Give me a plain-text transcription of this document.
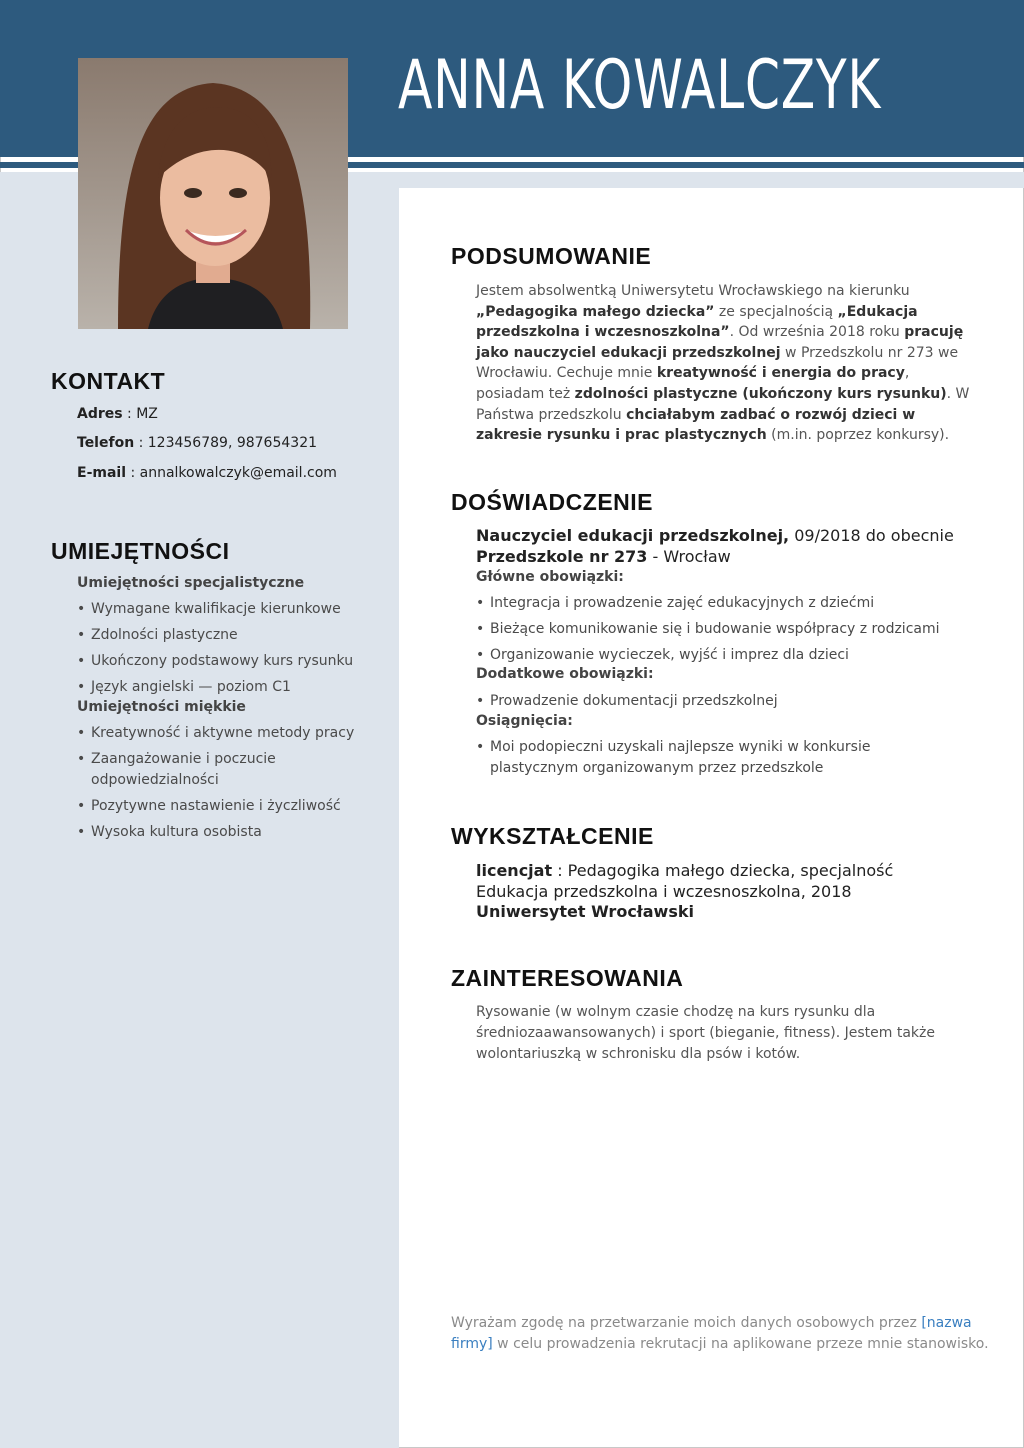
ANNA KOWALCZYK
KONTAKT
Adres : MZ
Telefon : 123456789, 987654321
E-mail : annalkowalczyk@email.com
UMIEJĘTNOŚCI
Umiejętności specjalistyczne
• Wymagane kwalifikacje kierunkowe
• Zdolności plastyczne
• Ukończony podstawowy kurs rysunku
• Język angielski — poziom C1
Umiejętności miękkie
• Kreatywność i aktywne metody pracy
• Zaangażowanie i poczucie odpowiedzialności
• Pozytywne nastawienie i życzliwość
• Wysoka kultura osobista
PODSUMOWANIE
Jestem absolwentką Uniwersytetu Wrocławskiego na kierunku „Pedagogika małego dziecka” ze specjalnością „Edukacja przedszkolna i wczesnoszkolna”. Od września 2018 roku pracuję jako nauczyciel edukacji przedszkolnej w Przedszkolu nr 273 we Wrocławiu. Cechuje mnie kreatywność i energia do pracy, posiadam też zdolności plastyczne (ukończony kurs rysunku). W Państwa przedszkolu chciałabym zadbać o rozwój dzieci w zakresie rysunku i prac plastycznych (m.in. poprzez konkursy).
DOŚWIADCZENIE
Nauczyciel edukacji przedszkolnej, 09/2018 do obecnie
Przedszkole nr 273 - Wrocław
Główne obowiązki:
• Integracja i prowadzenie zajęć edukacyjnych z dziećmi
• Bieżące komunikowanie się i budowanie współpracy z rodzicami
• Organizowanie wycieczek, wyjść i imprez dla dzieci
Dodatkowe obowiązki:
• Prowadzenie dokumentacji przedszkolnej
Osiągnięcia:
• Moi podopieczni uzyskali najlepsze wyniki w konkursie plastycznym organizowanym przez przedszkole
WYKSZTAŁCENIE
licencjat : Pedagogika małego dziecka, specjalność Edukacja przedszkolna i wczesnoszkolna, 2018
Uniwersytet Wrocławski
ZAINTERESOWANIA
Rysowanie (w wolnym czasie chodzę na kurs rysunku dla średniozaawansowanych) i sport (bieganie, fitness). Jestem także wolontariuszką w schronisku dla psów i kotów.
Wyrażam zgodę na przetwarzanie moich danych osobowych przez [nazwa firmy] w celu prowadzenia rekrutacji na aplikowane przeze mnie stanowisko.
